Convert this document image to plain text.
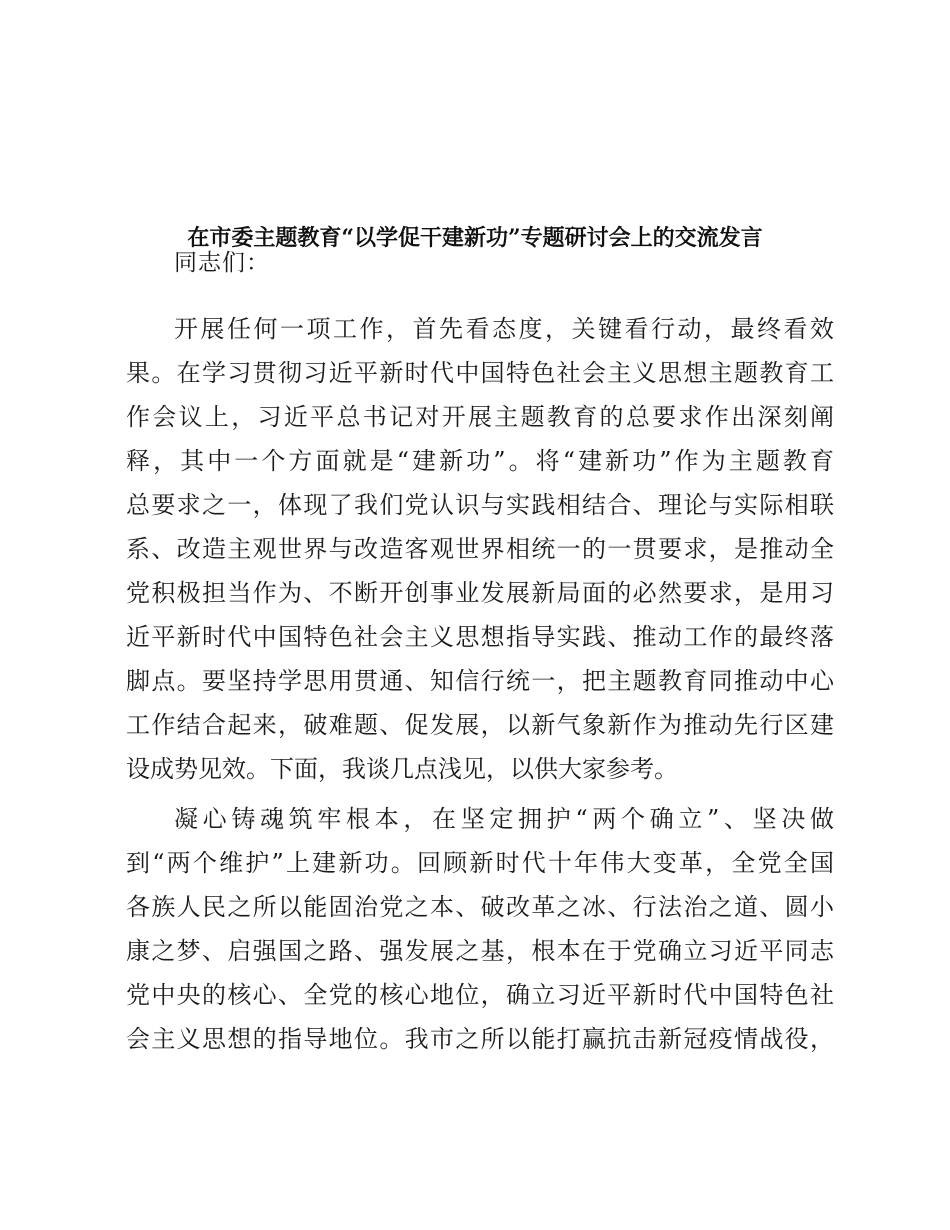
在市委主题教育“以学促干建新功”专题研讨会上的交流发言
同志们：
开展任何一项工作，首先看态度，关键看行动，最终看效
果。在学习贯彻习近平新时代中国特色社会主义思想主题教育工
作会议上，习近平总书记对开展主题教育的总要求作出深刻阐
释，其中一个方面就是“建新功”。将“建新功”作为主题教育
总要求之一，体现了我们党认识与实践相结合、理论与实际相联
系、改造主观世界与改造客观世界相统一的一贯要求，是推动全
党积极担当作为、不断开创事业发展新局面的必然要求，是用习
近平新时代中国特色社会主义思想指导实践、推动工作的最终落
脚点。要坚持学思用贯通、知信行统一，把主题教育同推动中心
工作结合起来，破难题、促发展，以新气象新作为推动先行区建
设成势见效。下面，我谈几点浅见，以供大家参考。
凝心铸魂筑牢根本，在坚定拥护“两个确立”、坚决做
到“两个维护”上建新功。回顾新时代十年伟大变革，全党全国
各族人民之所以能固治党之本、破改革之冰、行法治之道、圆小
康之梦、启强国之路、强发展之基，根本在于党确立习近平同志
党中央的核心、全党的核心地位，确立习近平新时代中国特色社
会主义思想的指导地位。我市之所以能打赢抗击新冠疫情战役，
